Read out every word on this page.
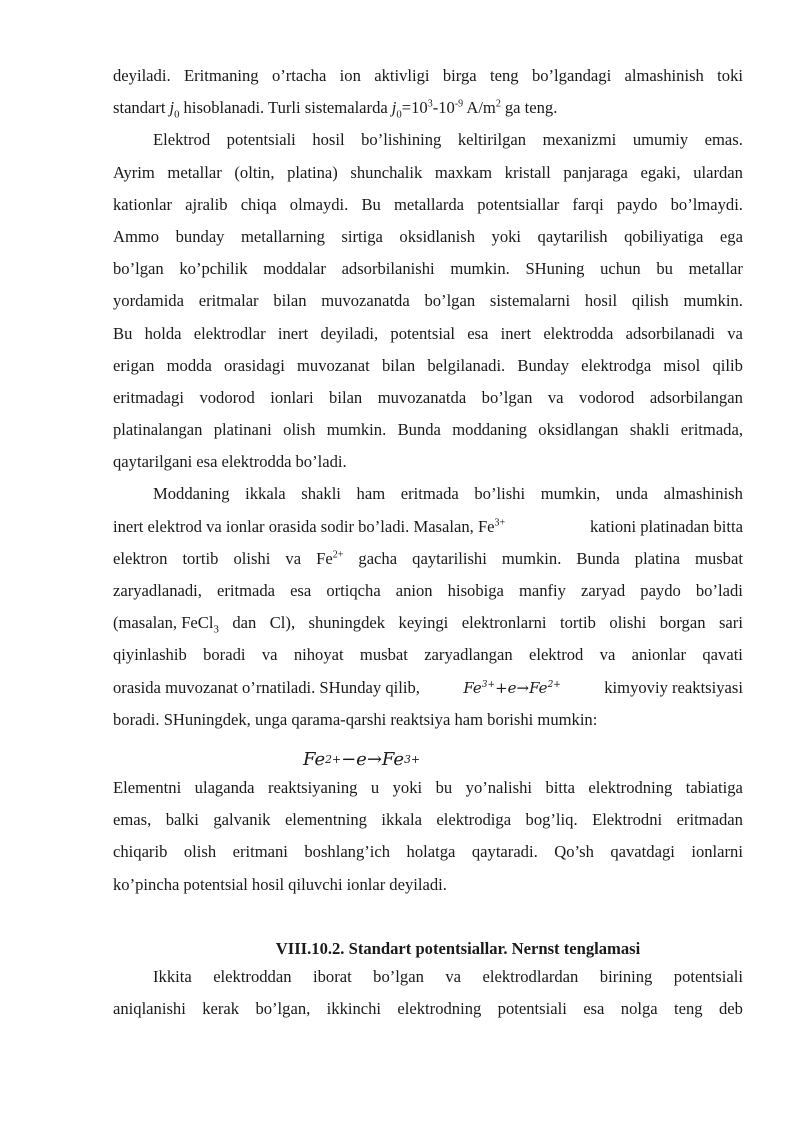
deyiladi. Eritmaning o’rtacha ion aktivligi birga teng bo’lgandagi almashinish toki
standart $j_0$ hisoblanadi. Turli sistemalarda $j_0=10^3-10^{-9}$ $A/m^2$ ga teng.
Elektrod potentsiali hosil bo’lishining keltirilgan mexanizmi umumiy emas.
Ayrim metallar (oltin, platina) shunchalik maxkam kristall panjaraga egaki, ulardan
kationlar ajralib chiqa olmaydi. Bu metallarda potentsiallar farqi paydo bo’lmaydi.
Ammo bunday metallarning sirtiga oksidlanish yoki qaytarilish qobiliyatiga ega
bo’lgan ko’pchilik moddalar adsorbilanishi mumkin. SHuning uchun bu metallar
yordamida eritmalar bilan muvozanatda bo’lgan sistemalarni hosil qilish mumkin.
Bu holda elektrodlar inert deyiladi, potentsial esa inert elektrodda adsorbilanadi va
erigan modda orasidagi muvozanat bilan belgilanadi. Bunday elektrodga misol qilib
eritmadagi vodorod ionlari bilan muvozanatda bo’lgan va vodorod adsorbilangan
platinalangan platinani olish mumkin. Bunda moddaning oksidlangan shakli eritmada,
qaytarilgani esa elektrodda bo’ladi.
Moddaning ikkala shakli ham eritmada bo’lishi mumkin, unda almashinish
inert elektrod va ionlar orasida sodir bo’ladi. Masalan, $Fe^{3+}$	kationi platinadan bitta
elektron tortib olishi va $Fe^{2+}$ gacha qaytarilishi mumkin. Bunda platina musbat
zaryadlanadi, eritmada esa ortiqcha anion hisobiga manfiy zaryad paydo bo’ladi
(masalan, FeCl$_3$ dan Cl), shuningdek keyingi elektronlarni tortib olishi borgan sari
qiyinlashib boradi va nihoyat musbat zaryadlangan elektrod va anionlar qavati
orasida muvozanat o’rnatiladi. SHunday qilib,	$Fe^{3+}+e\to Fe^{2+}$	kimyoviy reaktsiyasi
boradi. SHuningdek, unga qarama-qarshi reaktsiya ham borishi mumkin:
Fe 2+ −e→Fe 3+
Elementni ulaganda reaktsiyaning u yoki bu yo’nalishi bitta elektrodning tabiatiga
emas, balki galvanik elementning ikkala elektrodiga bog’liq. Elektrodni eritmadan
chiqarib olish eritmani boshlang’ich holatga qaytaradi. Qo’sh qavatdagi ionlarni
ko’pincha potentsial hosil qiluvchi ionlar deyiladi.
VIII.10.2. Standart potentsiallar. Nernst tenglamasi
Ikkita elektroddan iborat bo’lgan va elektrodlardan birining potentsiali
aniqlanishi kerak bo’lgan, ikkinchi elektrodning potentsiali esa nolga teng deb
